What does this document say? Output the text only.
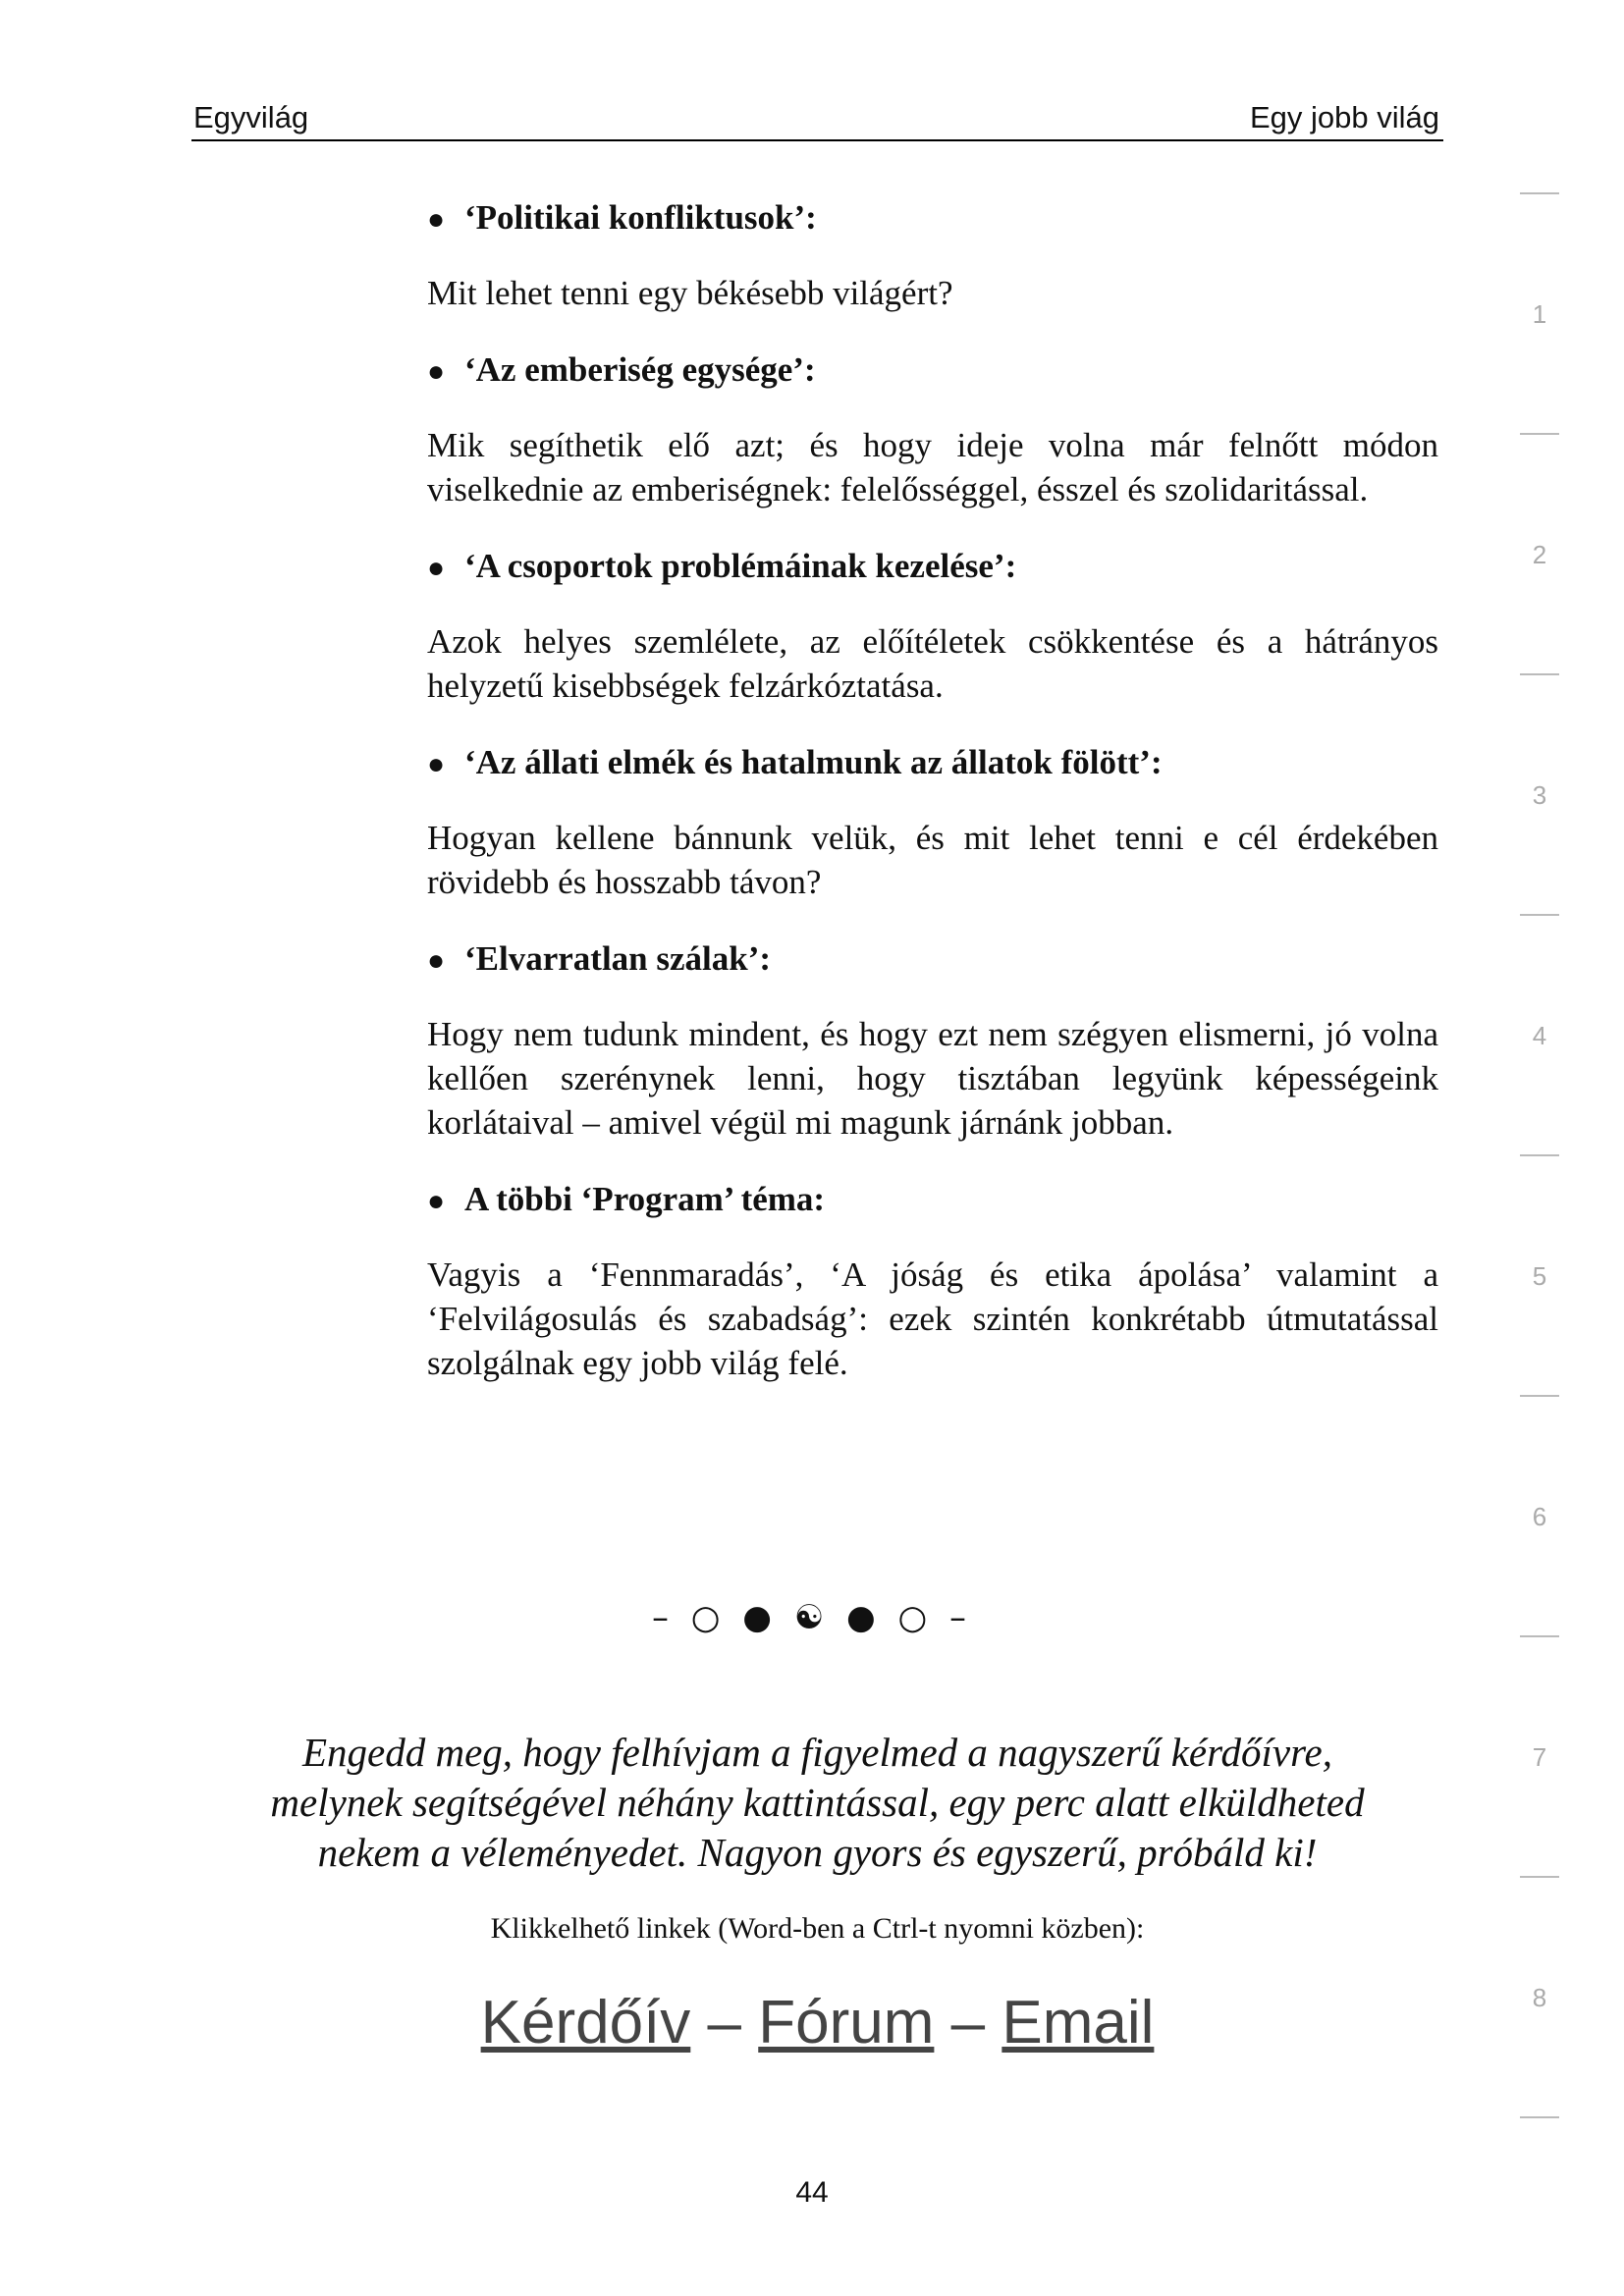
Egyvilág	Egy jobb világ
● ‘Politikai konfliktusok’:

Mit lehet tenni egy békésebb világért?

● ‘Az emberiség egysége’:

Mik segíthetik elő azt; és hogy ideje volna már felnőtt módon viselkednie az emberiségnek: felelősséggel, ésszel és szolidaritással.

● ‘A csoportok problémáinak kezelése’:

Azok helyes szemlélete, az előítéletek csökkentése és a hátrányos helyzetű kisebbségek felzárkóztatása.

● ‘Az állati elmék és hatalmunk az állatok fölött’:

Hogyan kellene bánnunk velük, és mit lehet tenni e cél érdekében rövidebb és hosszabb távon?

● ‘Elvarratlan szálak’:

Hogy nem tudunk mindent, és hogy ezt nem szégyen elismerni, jó volna kellően szerénynek lenni, hogy tisztában legyünk képességeink korlátaival – amivel végül mi magunk járnánk jobban.

● A többi ‘Program’ téma:

Vagyis a ‘Fennmaradás’, ‘A jóság és etika ápolása’ valamint a ‘Felvilágosulás és szabadság’: ezek szintén konkrétabb útmutatással szolgálnak egy jobb világ felé.

– ○ ● ☯ ● ○ –
Engedd meg, hogy felhívjam a figyelmed a nagyszerű kérdőívre,
melynek segítségével néhány kattintással, egy perc alatt elküldheted
nekem a véleményedet. Nagyon gyors és egyszerű, próbáld ki!
Klikkelhető linkek (Word-ben a Ctrl-t nyomni közben):
Kérdőív – Fórum – Email
44
1
2
3
4
5
6
7
8
